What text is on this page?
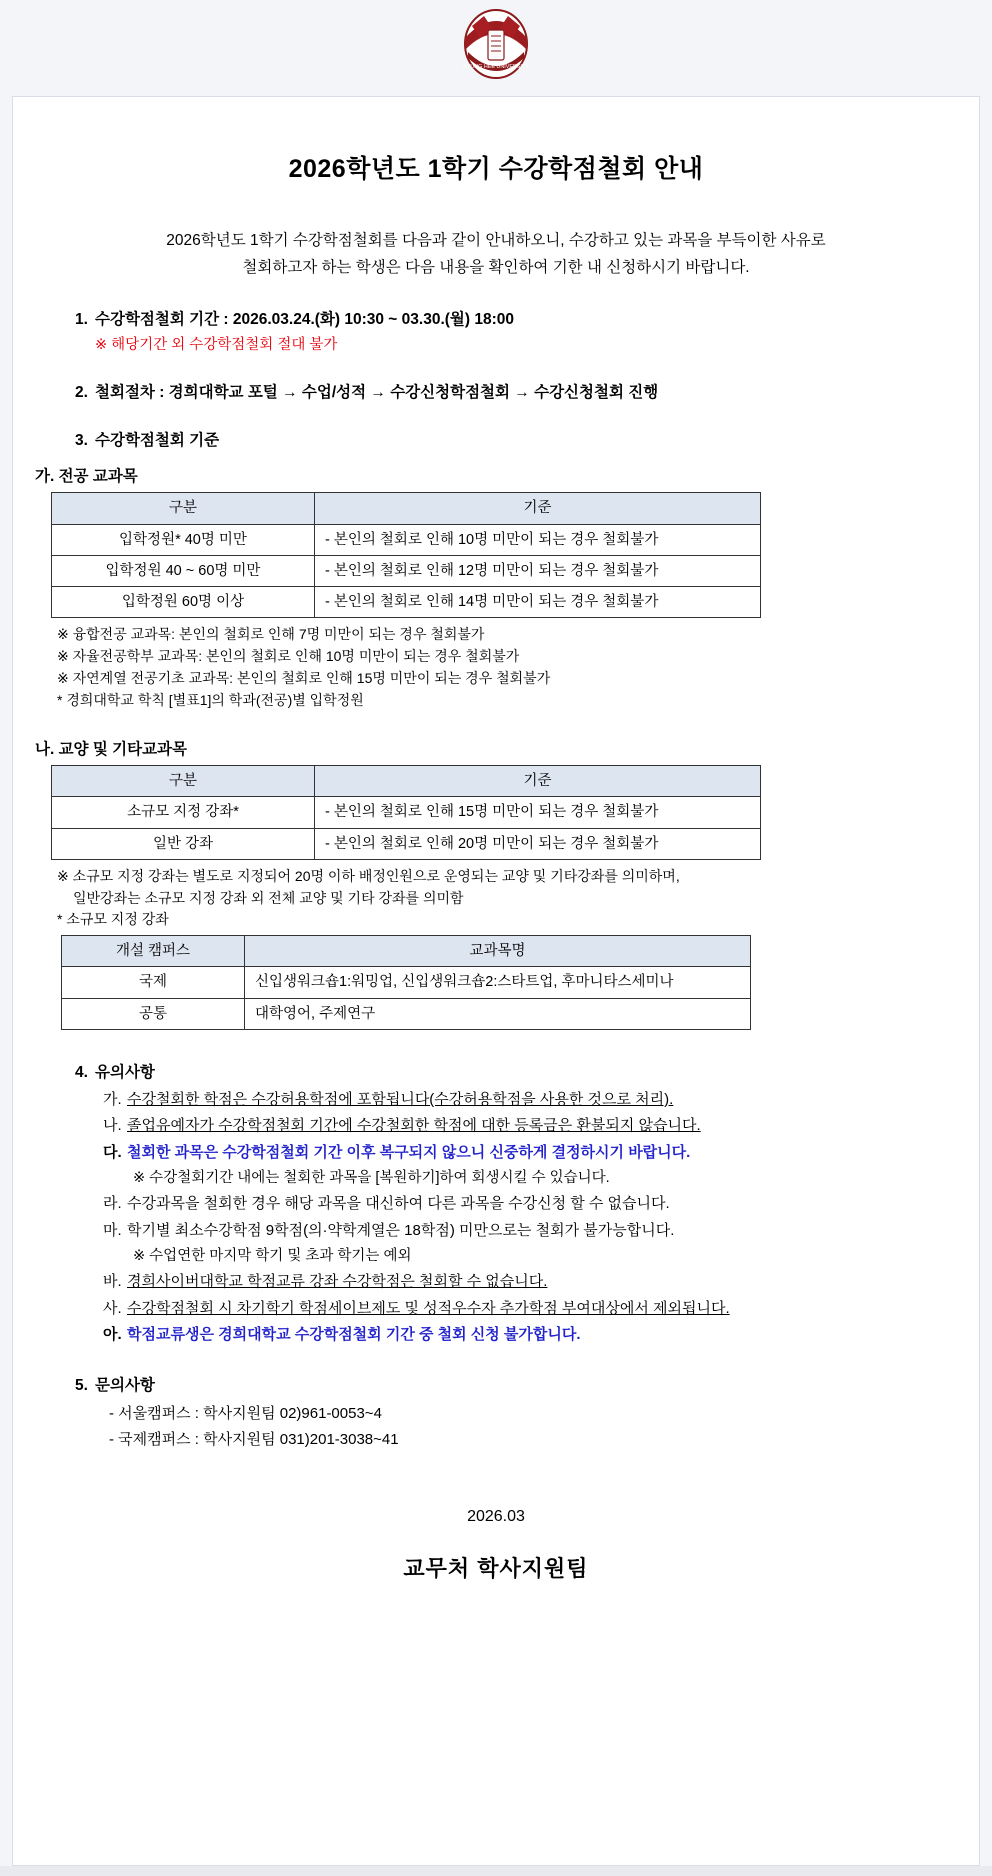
KYUNG HEE UNIVERSITY
2026학년도 1학기 수강학점철회 안내
2026학년도 1학기 수강학점철회를 다음과 같이 안내하오니, 수강하고 있는 과목을 부득이한 사유로
철회하고자 하는 학생은 다음 내용을 확인하여 기한 내 신청하시기 바랍니다.
1. 수강학점철회 기간 : 2026.03.24.(화) 10:30 ~ 03.30.(월) 18:00
※ 해당기간 외 수강학점철회 절대 불가
2. 철회절차 : 경희대학교 포털 → 수업/성적 → 수강신청학점철회 → 수강신청철회 진행
3. 수강학점철회 기준
가. 전공 교과목
구분	기준
입학정원* 40명 미만	- 본인의 철회로 인해 10명 미만이 되는 경우 철회불가
입학정원 40 ~ 60명 미만	- 본인의 철회로 인해 12명 미만이 되는 경우 철회불가
입학정원 60명 이상	- 본인의 철회로 인해 14명 미만이 되는 경우 철회불가
※ 융합전공 교과목: 본인의 철회로 인해 7명 미만이 되는 경우 철회불가
※ 자율전공학부 교과목: 본인의 철회로 인해 10명 미만이 되는 경우 철회불가
※ 자연계열 전공기초 교과목: 본인의 철회로 인해 15명 미만이 되는 경우 철회불가
* 경희대학교 학칙 [별표1]의 학과(전공)별 입학정원
나. 교양 및 기타교과목
구분	기준
소규모 지정 강좌*	- 본인의 철회로 인해 15명 미만이 되는 경우 철회불가
일반 강좌	- 본인의 철회로 인해 20명 미만이 되는 경우 철회불가
※ 소규모 지정 강좌는 별도로 지정되어 20명 이하 배정인원으로 운영되는 교양 및 기타강좌를 의미하며,
일반강좌는 소규모 지정 강좌 외 전체 교양 및 기타 강좌를 의미함
* 소규모 지정 강좌
개설 캠퍼스	교과목명
국제	신입생워크숍1:워밍업, 신입생워크숍2:스타트업, 후마니타스세미나
공통	대학영어, 주제연구
4. 유의사항
가. 수강철회한 학점은 수강허용학점에 포함됩니다(수강허용학점을 사용한 것으로 처리).
나. 졸업유예자가 수강학점철회 기간에 수강철회한 학점에 대한 등록금은 환불되지 않습니다.
다. 철회한 과목은 수강학점철회 기간 이후 복구되지 않으니 신중하게 결정하시기 바랍니다.
※ 수강철회기간 내에는 철회한 과목을 [복원하기]하여 회생시킬 수 있습니다.
라. 수강과목을 철회한 경우 해당 과목을 대신하여 다른 과목을 수강신청 할 수 없습니다.
마. 학기별 최소수강학점 9학점(의·약학계열은 18학점) 미만으로는 철회가 불가능합니다.
※ 수업연한 마지막 학기 및 초과 학기는 예외
바. 경희사이버대학교 학점교류 강좌 수강학점은 철회할 수 없습니다.
사. 수강학점철회 시 차기학기 학점세이브제도 및 성적우수자 추가학점 부여대상에서 제외됩니다.
아. 학점교류생은 경희대학교 수강학점철회 기간 중 철회 신청 불가합니다.
5. 문의사항
- 서울캠퍼스 : 학사지원팀 02)961-0053~4
- 국제캠퍼스 : 학사지원팀 031)201-3038~41
2026.03
교무처 학사지원팀
